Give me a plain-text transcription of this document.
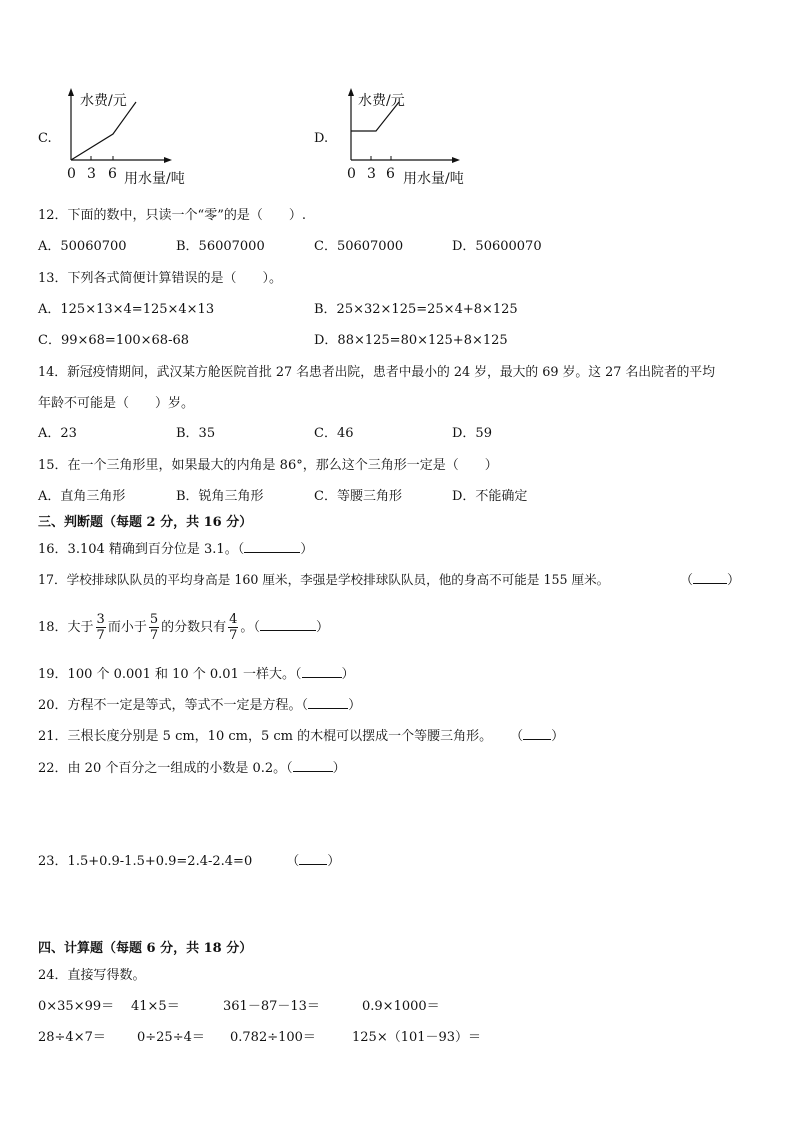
C.
水费/元
0 3 6 用水量/吨
D.
水费/元
0 3 6 用水量/吨
12．下面的数中，只读一个“零”的是（　　）.
A．50060700	B．56007000	C．50607000	D．50600070
13．下列各式简便计算错误的是（　　）。
A．125×13×4=125×4×13	B．25×32×125=25×4+8×125
C．99×68=100×68-68	D．88×125=80×125+8×125
14．新冠疫情期间，武汉某方舱医院首批 27 名患者出院，患者中最小的 24 岁，最大的 69 岁。这 27 名出院者的平均
年龄不可能是（　　）岁。
A．23	B．35	C．46	D．59
15．在一个三角形里，如果最大的内角是 86°，那么这个三角形一定是（　　）
A．直角三角形	B．锐角三角形	C．等腰三角形	D．不能确定
三、判断题（每题 2 分，共 16 分）
16．3.104 精确到百分位是 3.1。（	）
17．学校排球队队员的平均身高是 160 厘米，李强是学校排球队队员，他的身高不可能是 155 厘米。	（	）
18．大于 $\frac{3}{7}$ 而小于 $\frac{5}{7}$ 的分数只有 $\frac{4}{7}$ 。（	）
19．100 个 0.001 和 10 个 0.01 一样大。（	）
20．方程不一定是等式，等式不一定是方程。（	）
21．三根长度分别是 5 cm，10 cm，5 cm 的木棍可以摆成一个等腰三角形。 （ ）
22．由 20 个百分之一组成的小数是 0.2。（	）
23．1.5+0.9-1.5+0.9=2.4-2.4=0	（ ）
四、计算题（每题 6 分，共 18 分）
24．直接写得数。
0×35×99＝ 41×5＝	361－87－13＝	0.9×1000＝
28÷4×7＝ 0÷25÷4＝ 0.782÷100＝	125×（101－93）＝
